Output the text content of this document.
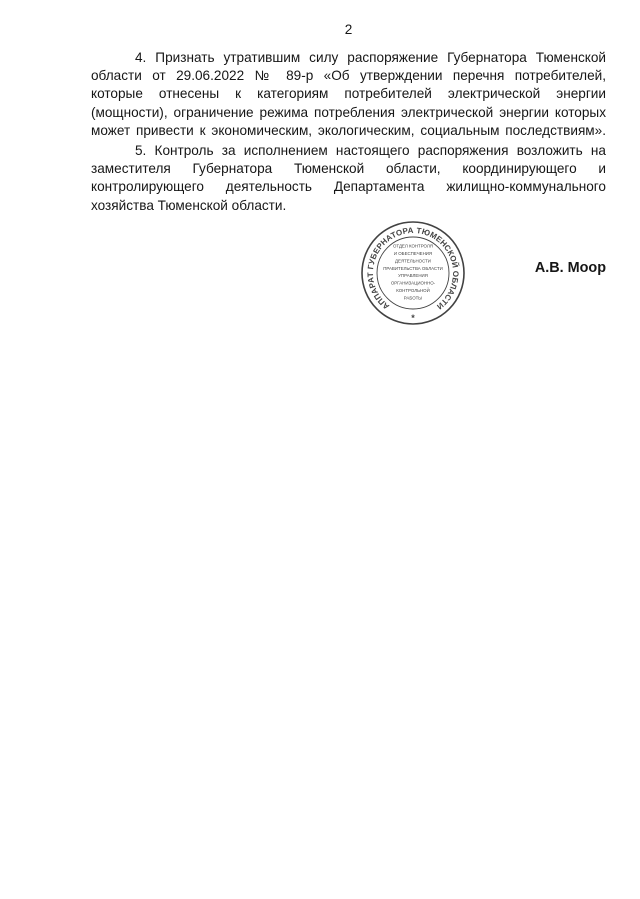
2
4. Признать утратившим силу распоряжение Губернатора Тюменской
области от 29.06.2022 № 89-р «Об утверждении перечня потребителей,
которые отнесены к категориям потребителей электрической энергии
(мощности), ограничение режима потребления электрической энергии которых
может привести к экономическим, экологическим, социальным последствиям».
5. Контроль за исполнением настоящего распоряжения возложить на
заместителя Губернатора Тюменской области, координирующего и
контролирующего деятельность Департамента жилищно-коммунального
хозяйства Тюменской области.
АППАРАТ ГУБЕРНАТОРА ТЮМЕНСКОЙ ОБЛАСТИ
ОТДЕЛ КОНТРОЛЯ
И ОБЕСПЕЧЕНИЯ
ДЕЯТЕЛЬНОСТИ
ПРАВИТЕЛЬСТВА ОБЛАСТИ
УПРАВЛЕНИЯ
ОРГАНИЗАЦИОННО-
КОНТРОЛЬНОЙ
РАБОТЫ
*
А.В. Моор
